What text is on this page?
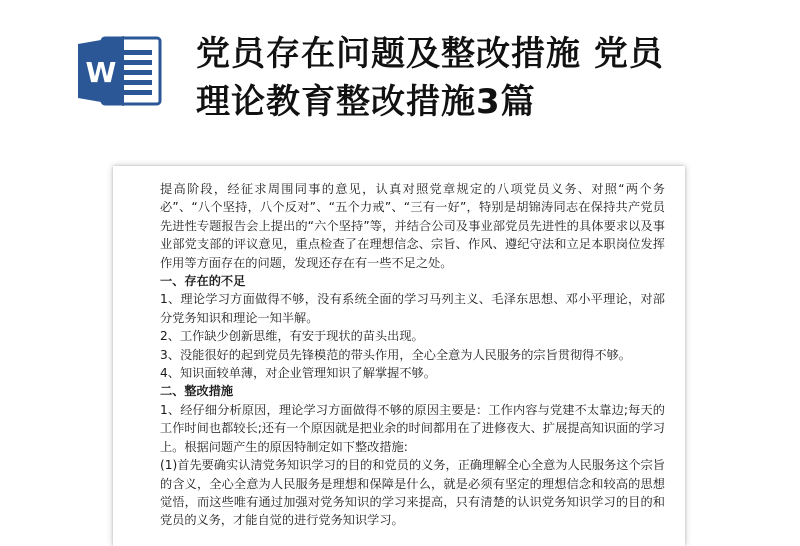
W 党员存在问题及整改措施 党员
理论教育整改措施3篇

提高阶段，经征求周围同事的意见，认真对照党章规定的八项党员义务、对照“两个务必”、“八个坚持，八个反对”、“五个力戒”、“三有一好”，特别是胡锦涛同志在保持共产党员先进性专题报告会上提出的“六个坚持”等，并结合公司及事业部党员先进性的具体要求以及事业部党支部的评议意见，重点检查了在理想信念、宗旨、作风、遵纪守法和立足本职岗位发挥作用等方面存在的问题，发现还存在有一些不足之处。

一、存在的不足

1、理论学习方面做得不够，没有系统全面的学习马列主义、毛泽东思想、邓小平理论，对部分党务知识和理论一知半解。

2、工作缺少创新思维，有安于现状的苗头出现。

3、没能很好的起到党员先锋模范的带头作用，全心全意为人民服务的宗旨贯彻得不够。

4、知识面较单薄，对企业管理知识了解掌握不够。

二、整改措施

1、经仔细分析原因，理论学习方面做得不够的原因主要是：工作内容与党建不太靠边;每天的工作时间也都较长;还有一个原因就是把业余的时间都用在了进修夜大、扩展提高知识面的学习上。根据问题产生的原因特制定如下整改措施:

(1)首先要确实认清党务知识学习的目的和党员的义务，正确理解全心全意为人民服务这个宗旨的含义，全心全意为人民服务是理想和保障是什么，就是必须有坚定的理想信念和较高的思想觉悟，而这些唯有通过加强对党务知识的学习来提高，只有清楚的认识党务知识学习的目的和党员的义务，才能自觉的进行党务知识学习。
